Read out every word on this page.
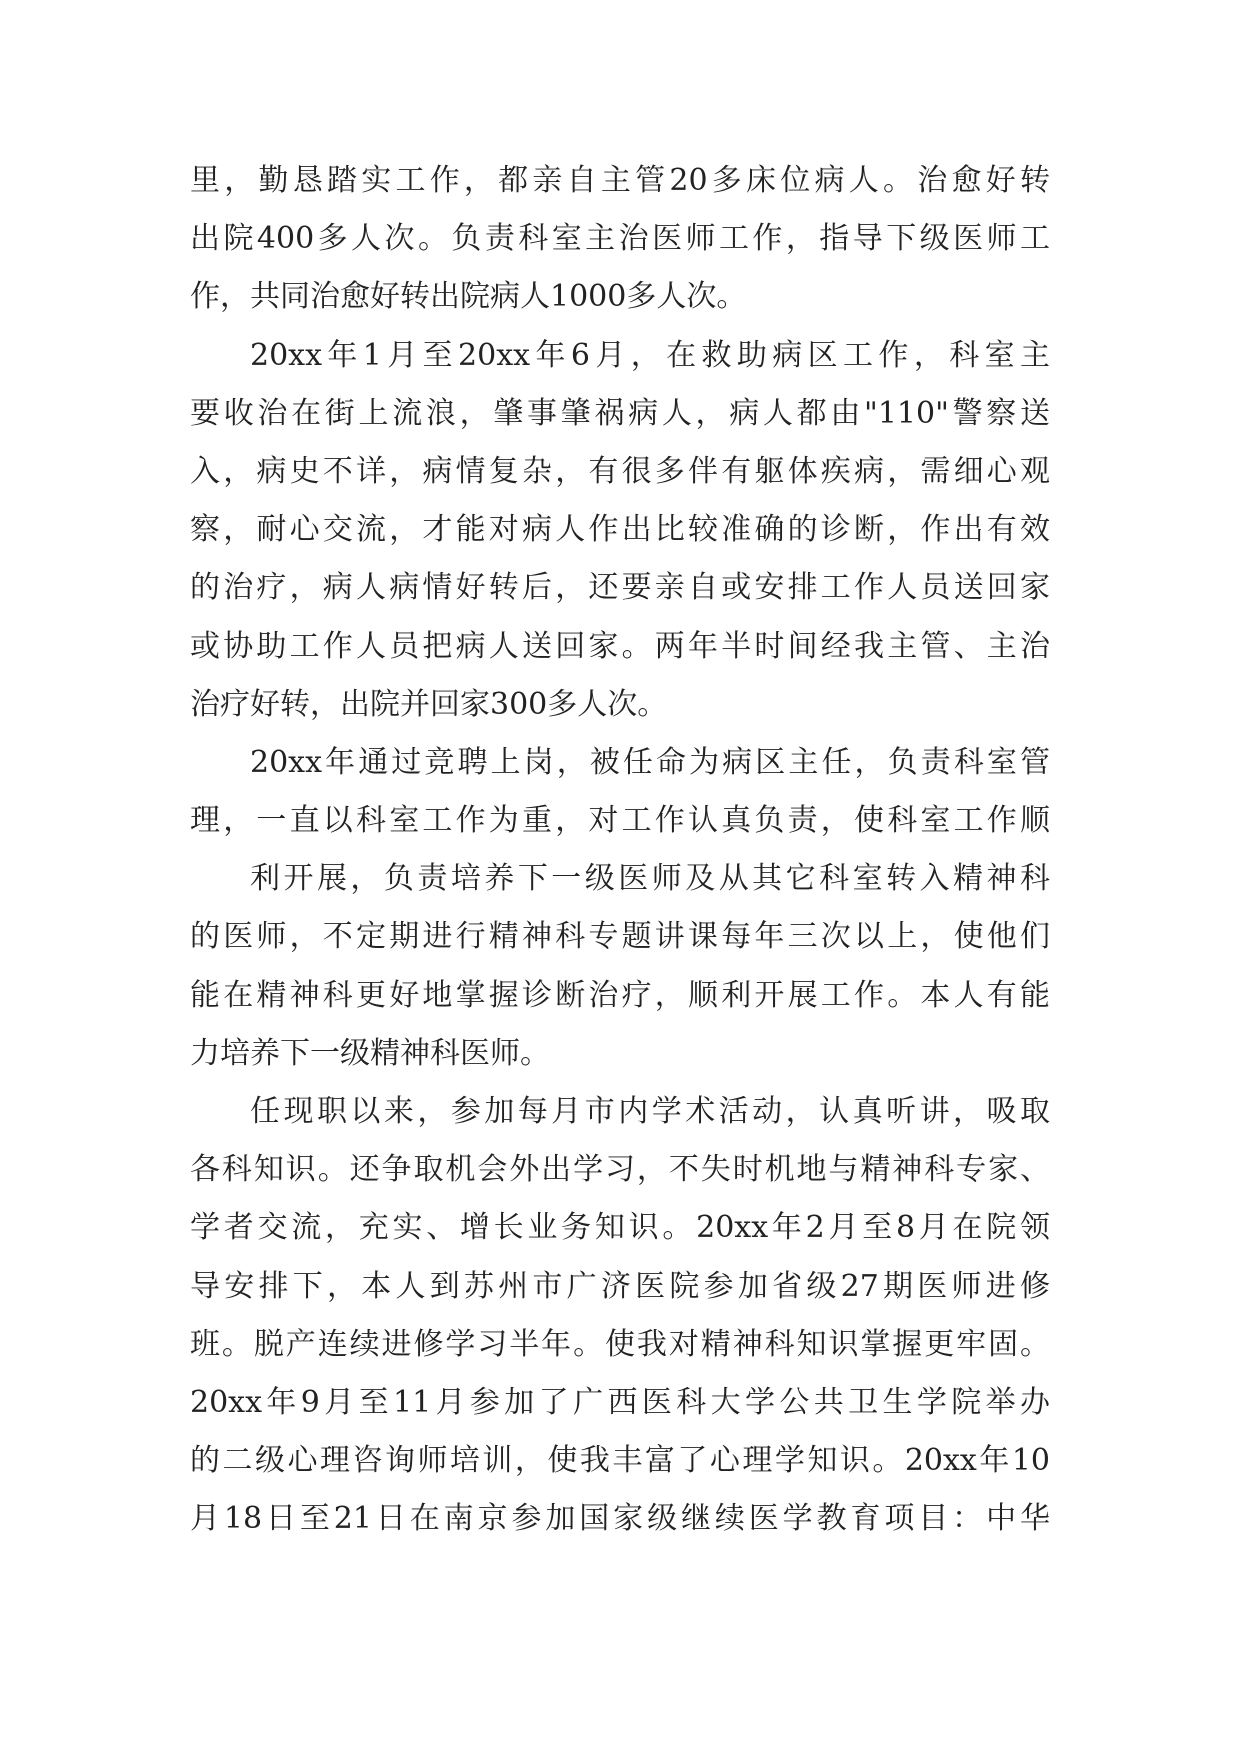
里，勤恳踏实工作，都亲自主管20多床位病人。治愈好转
出院400多人次。负责科室主治医师工作，指导下级医师工
作，共同治愈好转出院病人1000多人次。
20xx年1月至20xx年6月，在救助病区工作，科室主
要收治在街上流浪，肇事肇祸病人，病人都由"110"警察送
入，病史不详，病情复杂，有很多伴有躯体疾病，需细心观
察，耐心交流，才能对病人作出比较准确的诊断，作出有效
的治疗，病人病情好转后，还要亲自或安排工作人员送回家
或协助工作人员把病人送回家。两年半时间经我主管、主治
治疗好转，出院并回家300多人次。
20xx年通过竞聘上岗，被任命为病区主任，负责科室管
理，一直以科室工作为重，对工作认真负责，使科室工作顺
利开展，负责培养下一级医师及从其它科室转入精神科
的医师，不定期进行精神科专题讲课每年三次以上，使他们
能在精神科更好地掌握诊断治疗，顺利开展工作。本人有能
力培养下一级精神科医师。
任现职以来，参加每月市内学术活动，认真听讲，吸取
各科知识。还争取机会外出学习，不失时机地与精神科专家、
学者交流，充实、增长业务知识。20xx年2月至8月在院领
导安排下，本人到苏州市广济医院参加省级27期医师进修
班。脱产连续进修学习半年。使我对精神科知识掌握更牢固。
20xx年9月至11月参加了广西医科大学公共卫生学院举办
的二级心理咨询师培训，使我丰富了心理学知识。20xx年10
月18日至21日在南京参加国家级继续医学教育项目：中华
